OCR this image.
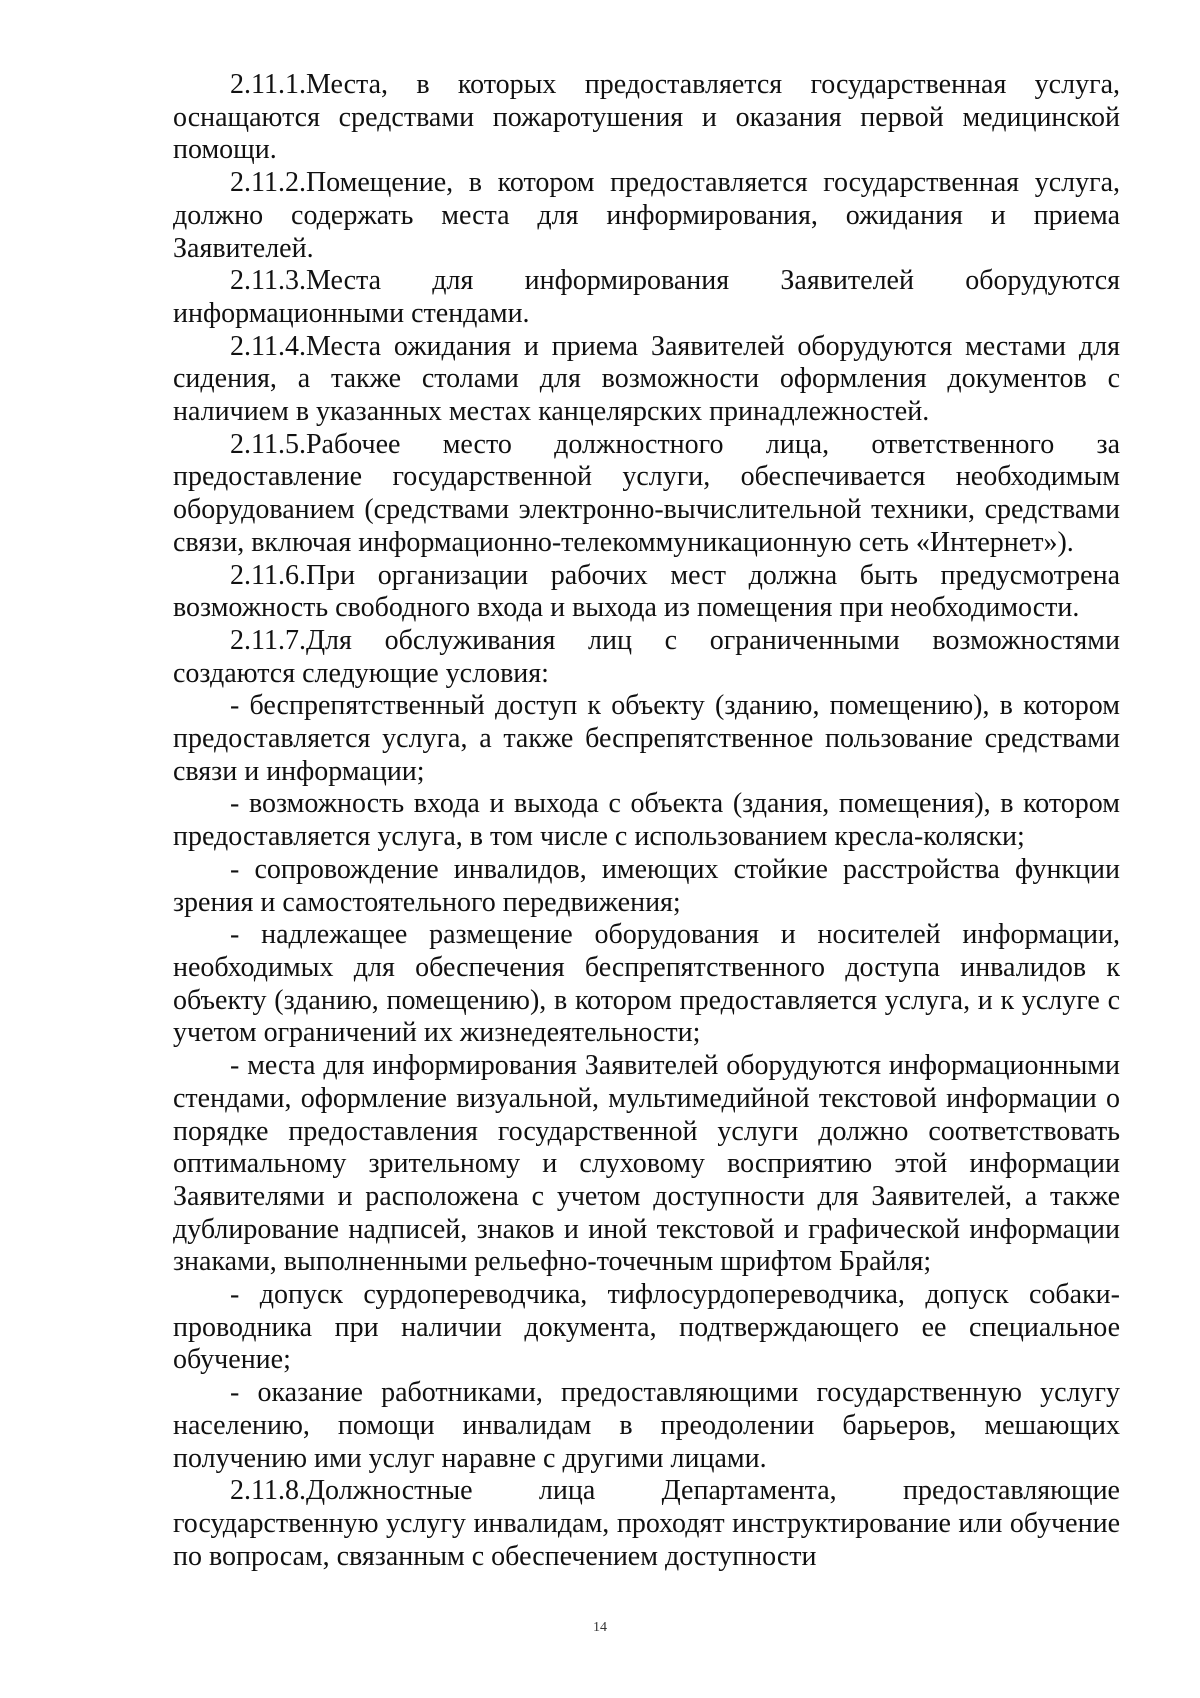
2.11.1.Места, в которых предоставляется государственная услуга, оснащаются средствами пожаротушения и оказания первой медицинской помощи.

2.11.2.Помещение, в котором предоставляется государственная услуга, должно содержать места для информирования, ожидания и приема Заявителей.

2.11.3.Места для информирования Заявителей оборудуются информационными стендами.

2.11.4.Места ожидания и приема Заявителей оборудуются местами для сидения, а также столами для возможности оформления документов с наличием в указанных местах канцелярских принадлежностей.

2.11.5.Рабочее место должностного лица, ответственного за предоставление государственной услуги, обеспечивается необходимым оборудованием (средствами электронно-вычислительной техники, средствами связи, включая информационно-телекоммуникационную сеть «Интернет»).

2.11.6.При организации рабочих мест должна быть предусмотрена возможность свободного входа и выхода из помещения при необходимости.

2.11.7.Для обслуживания лиц с ограниченными возможностями создаются следующие условия:

- беспрепятственный доступ к объекту (зданию, помещению), в котором предоставляется услуга, а также беспрепятственное пользование средствами связи и информации;

- возможность входа и выхода с объекта (здания, помещения), в котором предоставляется услуга, в том числе с использованием кресла-коляски;

- сопровождение инвалидов, имеющих стойкие расстройства функции зрения и самостоятельного передвижения;

- надлежащее размещение оборудования и носителей информации, необходимых для обеспечения беспрепятственного доступа инвалидов к объекту (зданию, помещению), в котором предоставляется услуга, и к услуге с учетом ограничений их жизнедеятельности;

- места для информирования Заявителей оборудуются информационными стендами, оформление визуальной, мультимедийной текстовой информации о порядке предоставления государственной услуги должно соответствовать оптимальному зрительному и слуховому восприятию этой информации Заявителями и расположена с учетом доступности для Заявителей, а также дублирование надписей, знаков и иной текстовой и графической информации знаками, выполненными рельефно-точечным шрифтом Брайля;

- допуск сурдопереводчика, тифлосурдопереводчика, допуск собаки-проводника при наличии документа, подтверждающего ее специальное обучение;

- оказание работниками, предоставляющими государственную услугу населению, помощи инвалидам в преодолении барьеров, мешающих получению ими услуг наравне с другими лицами.

2.11.8.Должностные лица Департамента, предоставляющие государственную услугу инвалидам, проходят инструктирование или обучение по вопросам, связанным с обеспечением доступности

14
